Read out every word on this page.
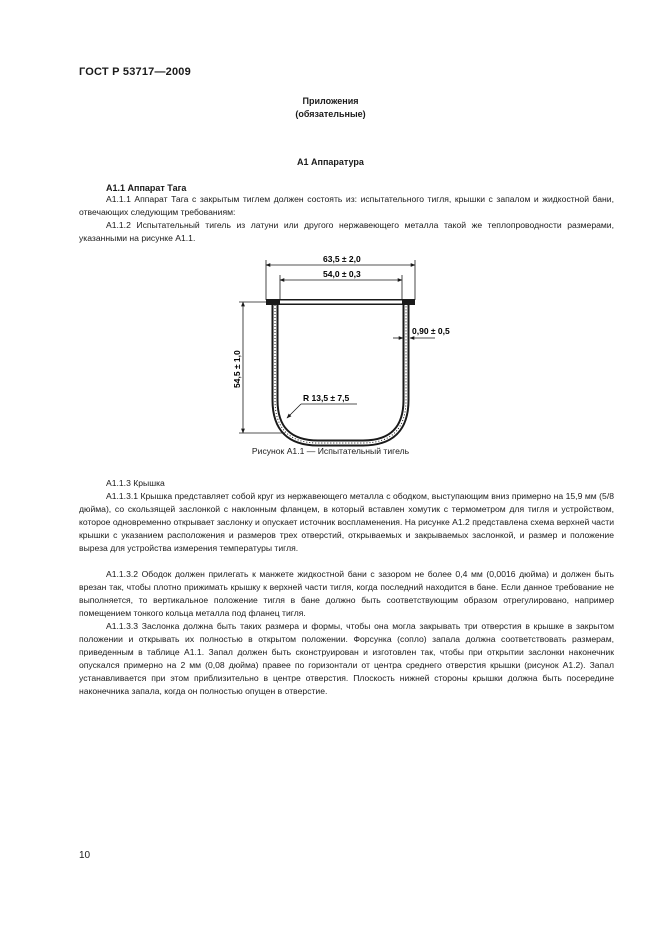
ГОСТ Р 53717—2009
Приложения
(обязательные)
А1 Аппаратура
А1.1 Аппарат Тага
А1.1.1 Аппарат Тага с закрытым тиглем должен состоять из: испытательного тигля, крышки с запалом и жидкостной бани, отвечающих следующим требованиям:
А1.1.2 Испытательный тигель из латуни или другого нержавеющего металла такой же теплопроводности размерами, указанными на рисунке А1.1.
63,5 ± 2,0
54,0 ± 0,3
54,5 ± 1,0
0,90 ± 0,5
R 13,5 ± 7,5
Рисунок А1.1 — Испытательный тигель
А1.1.3 Крышка
А1.1.3.1 Крышка представляет собой круг из нержавеющего металла с ободком, выступающим вниз примерно на 15,9 мм (5/8 дюйма), со скользящей заслонкой с наклонным фланцем, в который вставлен хомутик с термометром для тигля и устройством, которое одновременно открывает заслонку и опускает источник воспламенения. На рисунке А1.2 представлена схема верхней части крышки с указанием расположения и размеров трех отверстий, открываемых и закрываемых заслонкой, и размер и положение выреза для устройства измерения температуры тигля.
А1.1.3.2 Ободок должен прилегать к манжете жидкостной бани с зазором не более 0,4 мм (0,0016 дюйма) и должен быть врезан так, чтобы плотно прижимать крышку к верхней части тигля, когда последний находится в бане. Если данное требование не выполняется, то вертикальное положение тигля в бане должно быть соответствующим образом отрегулировано, например помещением тонкого кольца металла под фланец тигля.
А1.1.3.3 Заслонка должна быть таких размера и формы, чтобы она могла закрывать три отверстия в крышке в закрытом положении и открывать их полностью в открытом положении. Форсунка (сопло) запала должна соответствовать размерам, приведенным в таблице А1.1. Запал должен быть сконструирован и изготовлен так, чтобы при открытии заслонки наконечник опускался примерно на 2 мм (0,08 дюйма) правее по горизонтали от центра среднего отверстия крышки (рисунок А1.2). Запал устанавливается при этом приблизительно в центре отверстия. Плоскость нижней стороны крышки должна быть посередине наконечника запала, когда он полностью опущен в отверстие.
10
